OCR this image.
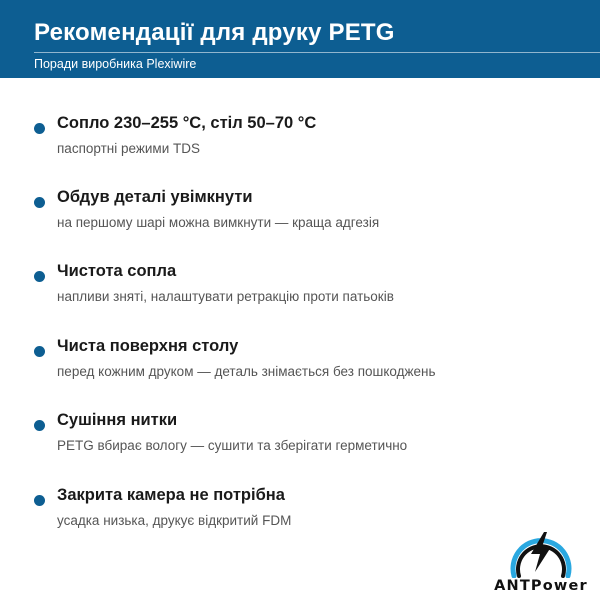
Рекомендації для друку PETG
Поради виробника Plexiwire
Сопло 230–255 °C, стіл 50–70 °C
паспортні режими TDS
Обдув деталі увімкнути
на першому шарі можна вимкнути — краща адгезія
Чистота сопла
напливи зняті, налаштувати ретракцію проти патьоків
Чиста поверхня столу
перед кожним друком — деталь знімається без пошкоджень
Сушіння нитки
PETG вбирає вологу — сушити та зберігати герметично
Закрита камера не потрібна
усадка низька, друкує відкритий FDM
ANTPower
